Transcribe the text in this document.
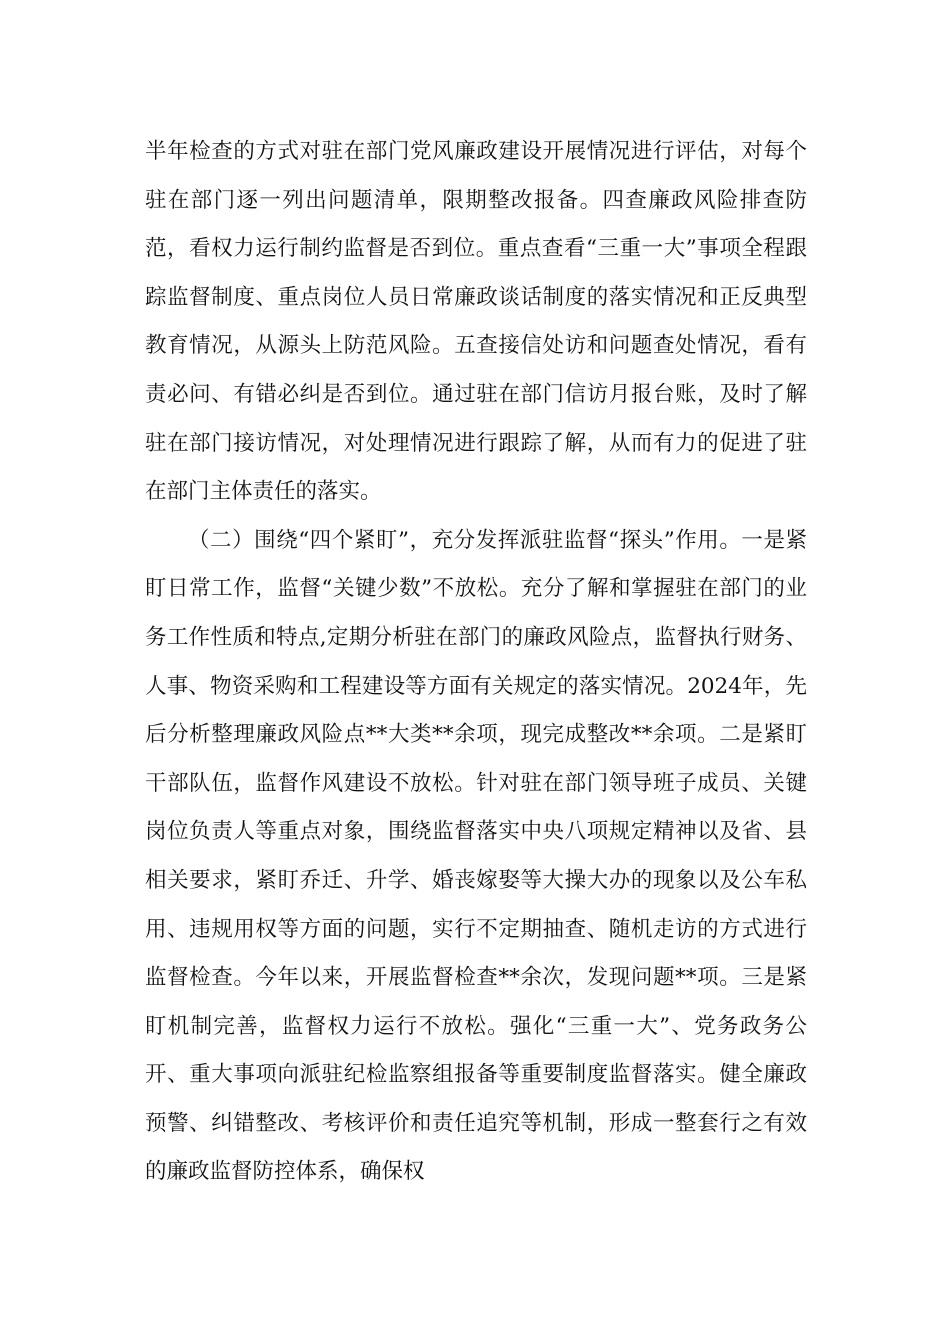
半年检查的方式对驻在部门党风廉政建设开展情况进行评估，对每个驻在部门逐一列出问题清单，限期整改报备。四查廉政风险排查防范，看权力运行制约监督是否到位。重点查看“三重一大”事项全程跟踪监督制度、重点岗位人员日常廉政谈话制度的落实情况和正反典型教育情况，从源头上防范风险。五查接信处访和问题查处情况，看有责必问、有错必纠是否到位。通过驻在部门信访月报台账，及时了解驻在部门接访情况，对处理情况进行跟踪了解，从而有力的促进了驻在部门主体责任的落实。

（二）围绕“四个紧盯”，充分发挥派驻监督“探头”作用。一是紧盯日常工作，监督“关键少数”不放松。充分了解和掌握驻在部门的业务工作性质和特点,定期分析驻在部门的廉政风险点，监督执行财务、人事、物资采购和工程建设等方面有关规定的落实情况。2024年，先后分析整理廉政风险点**大类**余项，现完成整改**余项。二是紧盯干部队伍，监督作风建设不放松。针对驻在部门领导班子成员、关键岗位负责人等重点对象，围绕监督落实中央八项规定精神以及省、县相关要求，紧盯乔迁、升学、婚丧嫁娶等大操大办的现象以及公车私用、违规用权等方面的问题，实行不定期抽查、随机走访的方式进行监督检查。今年以来，开展监督检查**余次，发现问题**项。三是紧盯机制完善，监督权力运行不放松。强化“三重一大”、党务政务公开、重大事项向派驻纪检监察组报备等重要制度监督落实。健全廉政预警、纠错整改、考核评价和责任追究等机制，形成一整套行之有效的廉政监督防控体系，确保权
